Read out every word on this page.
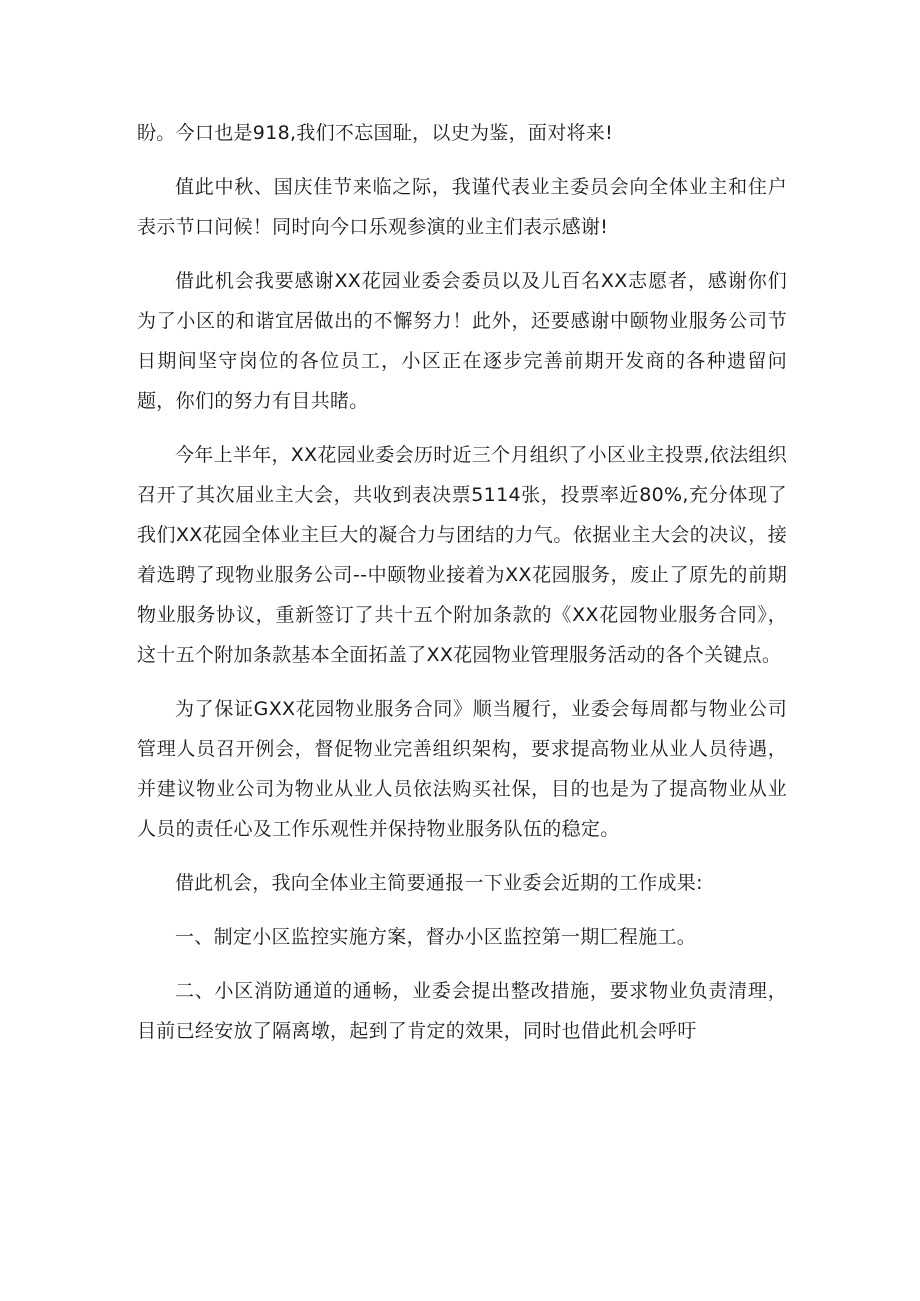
盼。今口也是918,我们不忘国耻，以史为鉴，面对将来!

值此中秋、国庆佳节来临之际，我谨代表业主委员会向全体业主和住户表示节口问候！同时向今口乐观参演的业主们表示感谢!

借此机会我要感谢XX花园业委会委员以及儿百名XX志愿者，感谢你们为了小区的和谐宜居做出的不懈努力！此外，还要感谢中颐物业服务公司节日期间坚守岗位的各位员工，小区正在逐步完善前期开发商的各种遗留问题，你们的努力有目共睹。

今年上半年，XX花园业委会历时近三个月组织了小区业主投票,依法组织召开了其次届业主大会，共收到表决票5114张，投票率近80%,充分体现了我们XX花园全体业主巨大的凝合力与团结的力气。依据业主大会的决议，接着选聘了现物业服务公司--中颐物业接着为XX花园服务，废止了原先的前期物业服务协议，重新签订了共十五个附加条款的《XX花园物业服务合同》，这十五个附加条款基本全面拓盖了XX花园物业管理服务活动的各个关键点。

为了保证GXX花园物业服务合同》顺当履行，业委会每周都与物业公司管理人员召开例会，督促物业完善组织架构，要求提高物业从业人员待遇，并建议物业公司为物业从业人员依法购买社保，目的也是为了提高物业从业人员的责任心及工作乐观性并保持物业服务队伍的稳定。

借此机会，我向全体业主简要通报一下业委会近期的工作成果:

一、制定小区监控实施方案，督办小区监控第一期匚程施工。

二、小区消防通道的通畅，业委会提出整改措施，要求物业负责清理，目前已经安放了隔离墩，起到了肯定的效果，同时也借此机会呼吁
